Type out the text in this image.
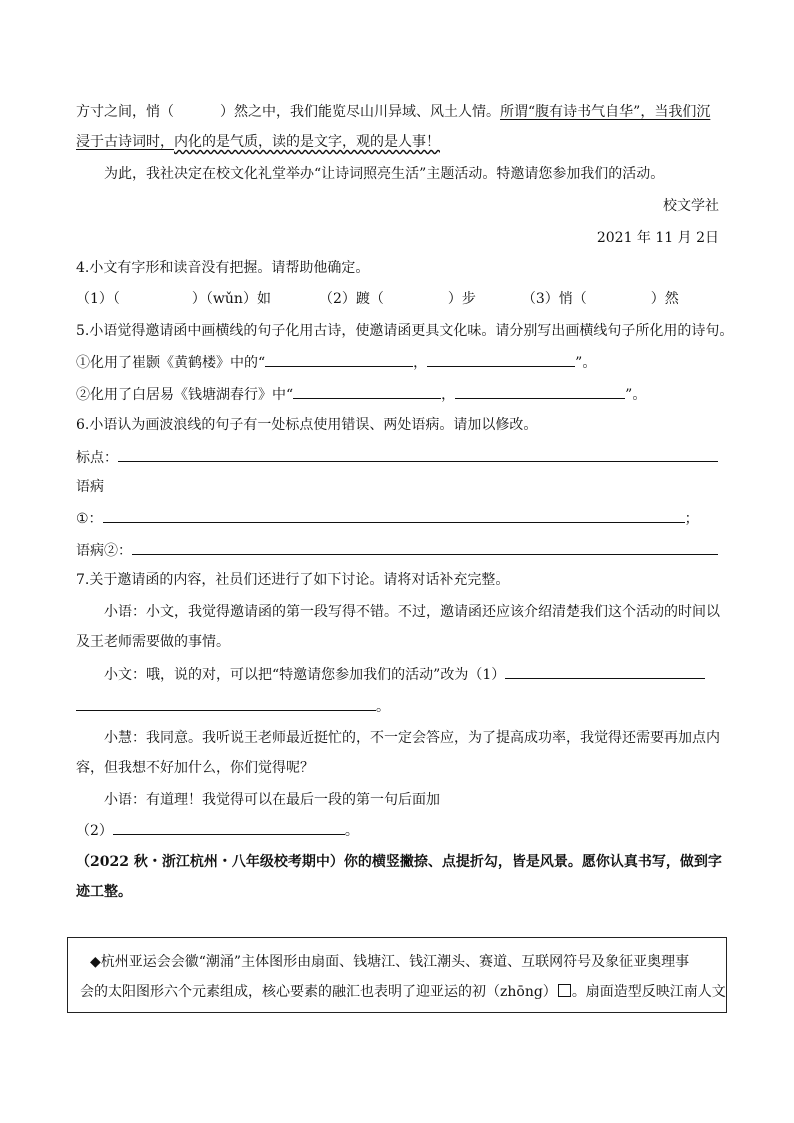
方寸之间，悄（	）然之中，我们能览尽山川异域、风土人情。所谓“腹有诗书气自华”，当我们沉
浸于古诗词时，内化的是气质，读的是文字，观的是人事！
为此，我社决定在校文化礼堂举办“让诗词照亮生活”主题活动。特邀请您参加我们的活动。
校文学社
2021 年 11 月 2日
4.小文有字形和读音没有把握。请帮助他确定。
（1）（	）（wǔn）如	（2）踱（	）步	（3）悄（	）然
5.小语觉得邀请函中画横线的句子化用古诗，使邀请函更具文化味。请分别写出画横线句子所化用的诗句。
①化用了崔颢《黄鹤楼》中的“	，	”。
②化用了白居易《钱塘湖春行》中“	，	”。
6.小语认为画波浪线的句子有一处标点使用错误、两处语病。请加以修改。
标点：
语病
①：	；
语病②：
7.关于邀请函的内容，社员们还进行了如下讨论。请将对话补充完整。
小语：小文，我觉得邀请函的第一段写得不错。不过，邀请函还应该介绍清楚我们这个活动的时间以
及王老师需要做的事情。
小文：哦，说的对，可以把“特邀请您参加我们的活动”改为（1）
。
小慧：我同意。我听说王老师最近挺忙的，不一定会答应，为了提高成功率，我觉得还需要再加点内
容，但我想不好加什么，你们觉得呢？
小语：有道理！我觉得可以在最后一段的第一句后面加
（2）	。
（2022 秋・浙江杭州・八年级校考期中）你的横竖撇捺、点提折勾，皆是风景。愿你认真书写，做到字
迹工整。
◆杭州亚运会会徽“潮涌”主体图形由扇面、钱塘江、钱江潮头、赛道、互联网符号及象征亚奥理事
会的太阳图形六个元素组成，核心要素的融汇也表明了迎亚运的初（zhōng） 。扇面造型反映江南人文
